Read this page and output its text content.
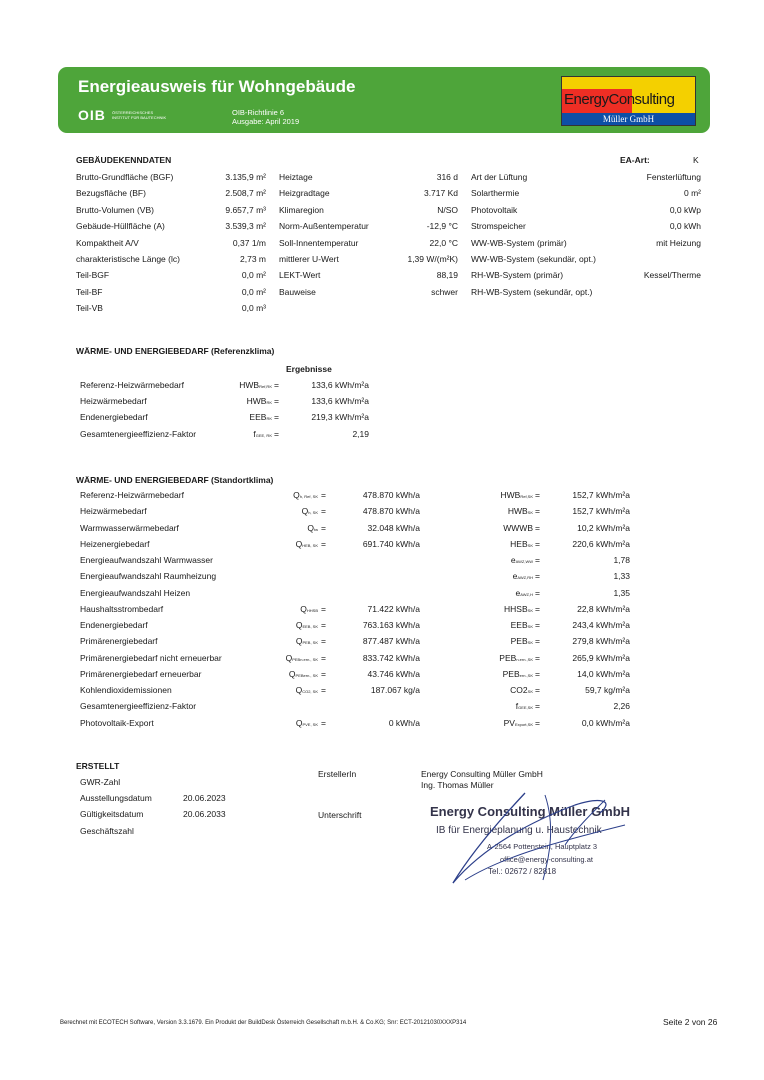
Energieausweis für Wohngebäude
OIB ÖSTERREICHISCHES
INSTITUT FÜR BAUTECHNIK
OIB-Richtlinie 6
Ausgabe: April 2019
EnergyConsulting
Müller GmbH
GEBÄUDEKENNDATEN	EA-Art:	K
Brutto-Grundfläche (BGF)	3.135,9 m²
Bezugsfläche (BF)	2.508,7 m²
Brutto-Volumen (VB)	9.657,7 m³
Gebäude-Hüllfläche (A)	3.539,3 m²
Kompaktheit A/V	0,37 1/m
charakteristische Länge (lc)	2,73 m
Teil-BGF	0,0 m²
Teil-BF	0,0 m²
Teil-VB	0,0 m³
Heiztage	316 d
Heizgradtage	3.717 Kd
Klimaregion	N/SO
Norm-Außentemperatur	-12,9 °C
Soll-Innentemperatur	22,0 °C
mittlerer U-Wert	1,39 W/(m²K)
LEKT-Wert	88,19
Bauweise	schwer
Art der Lüftung	Fensterlüftung
Solarthermie	0 m²
Photovoltaik	0,0 kWp
Stromspeicher	0,0 kWh
WW-WB-System (primär)	mit Heizung
WW-WB-System (sekundär, opt.)
RH-WB-System (primär)	Kessel/Therme
RH-WB-System (sekundär, opt.)
WÄRME- UND ENERGIEBEDARF (Referenzklima)
Ergebnisse
Referenz-Heizwärmebedarf	HWBRef,RK =	133,6 kWh/m²a
Heizwärmebedarf	HWBRK =	133,6 kWh/m²a
Endenergiebedarf	EEBRK =	219,3 kWh/m²a
Gesamtenergieeffizienz-Faktor	fGEE, RK =	2,19
WÄRME- UND ENERGIEBEDARF (Standortklima)
Referenz-Heizwärmebedarf	Qh, Ref, SK =	478.870 kWh/a	HWBRef,SK =	152,7 kWh/m²a
Heizwärmebedarf	Qh, SK =	478.870 kWh/a	HWBSK =	152,7 kWh/m²a
Warmwasserwärmebedarf	Qtw =	32.048 kWh/a	WWWB =	10,2 kWh/m²a
Heizenergiebedarf	QHEB, SK =	691.740 kWh/a	HEBSK =	220,6 kWh/m²a
Energieaufwandszahl Warmwasser	eAWZ,WW =	1,78
Energieaufwandszahl Raumheizung	eAWZ,RH =	1,33
Energieaufwandszahl Heizen	eAWZ,H =	1,35
Haushaltsstrombedarf	QHHSB =	71.422 kWh/a	HHSBSK =	22,8 kWh/m²a
Endenergiebedarf	QEEB, SK =	763.163 kWh/a	EEBSK =	243,4 kWh/m²a
Primärenergiebedarf	QPEB, SK =	877.487 kWh/a	PEBSK =	279,8 kWh/m²a
Primärenergiebedarf nicht erneuerbar	QPEBn.ern., SK =	833.742 kWh/a	PEBn.ern.,SK =	265,9 kWh/m²a
Primärenergiebedarf erneuerbar	QPEBern., SK =	43.746 kWh/a	PEBern.,SK =	14,0 kWh/m²a
Kohlendioxidemissionen	QCO2, SK =	187.067 kg/a	CO2SK =	59,7 kg/m²a
Gesamtenergieeffizienz-Faktor	fGEE,SK =	2,26
Photovoltaik-Export	QPVE, SK =	0 kWh/a	PVExport,SK =	0,0 kWh/m²a
ERSTELLT
GWR-Zahl
Ausstellungsdatum	20.06.2023
Gültigkeitsdatum	20.06.2033
Geschäftszahl
ErstellerIn	Energy Consulting Müller GmbH
Ing. Thomas Müller
Unterschrift	Energy Consulting Müller GmbH
IB für Energieplanung u. Haustechnik
A-2564 Pottenstein, Hauptplatz 3
office@energy-consulting.at
Tel.: 02672 / 82818
Berechnet mit ECOTECH Software, Version 3.3.1679. Ein Produkt der BuildDesk Österreich Gesellschaft m.b.H. & Co.KG; Snr: ECT-20121030XXXP314	Seite 2 von 26
